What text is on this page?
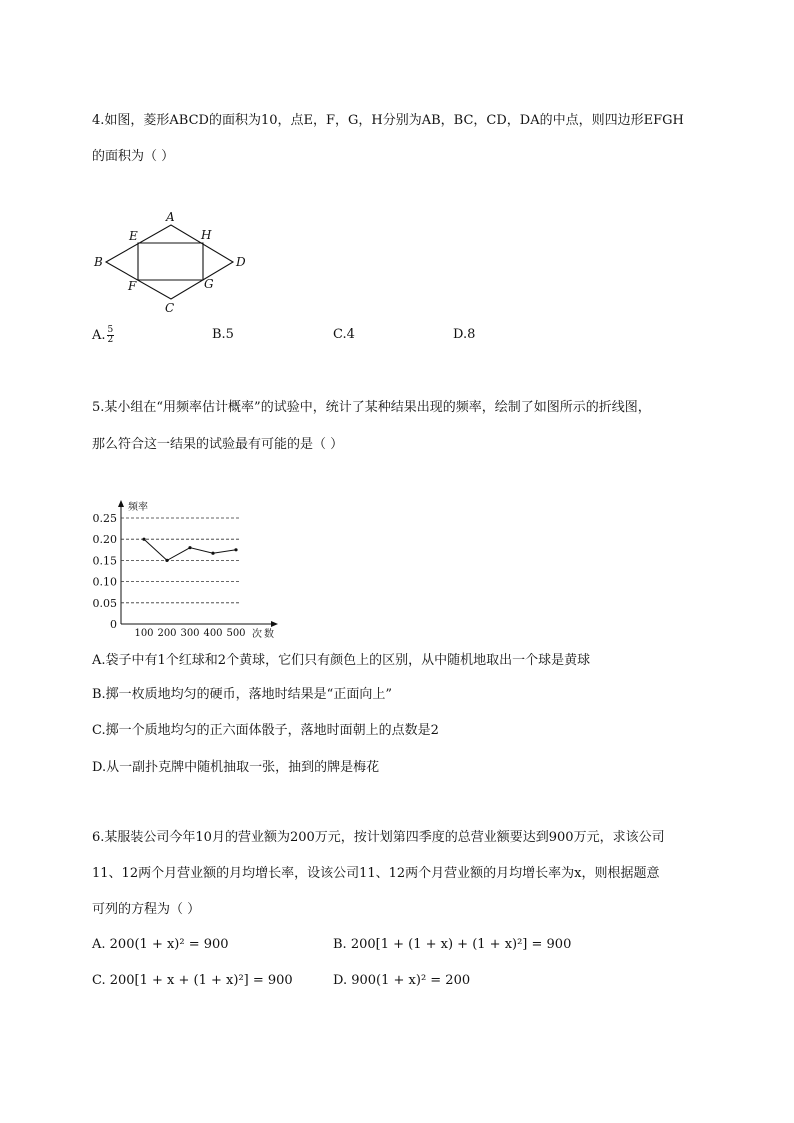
4.如图，菱形ABCD的面积为10，点E，F，G，H分别为AB，BC，CD，DA的中点，则四边形EFGH
的面积为（ ）
A
B
C
D
E
F	G
H
A. $\frac{5}{2}$	B.5	C.4	D.8
5.某小组在“用频率估计概率”的试验中，统计了某种结果出现的频率，绘制了如图所示的折线图，
那么符合这一结果的试验最有可能的是（ ）
0.25
0.20
0.15
0.10
0.05
0
100 200 300 400 500
频率
次数
A.袋子中有1个红球和2个黄球，它们只有颜色上的区别，从中随机地取出一个球是黄球
B.掷一枚质地均匀的硬币，落地时结果是“正面向上”
C.掷一个质地均匀的正六面体骰子，落地时面朝上的点数是2
D.从一副扑克牌中随机抽取一张，抽到的牌是梅花
6.某服装公司今年10月的营业额为200万元，按计划第四季度的总营业额要达到900万元，求该公司
11、12两个月营业额的月均增长率，设该公司11、12两个月营业额的月均增长率为x，则根据题意
可列的方程为（ ）
A. 200(1 + x)² = 900	B. 200[1 + (1 + x) + (1 + x)²] = 900
C. 200[1 + x + (1 + x)²] = 900	D. 900(1 + x)² = 200
